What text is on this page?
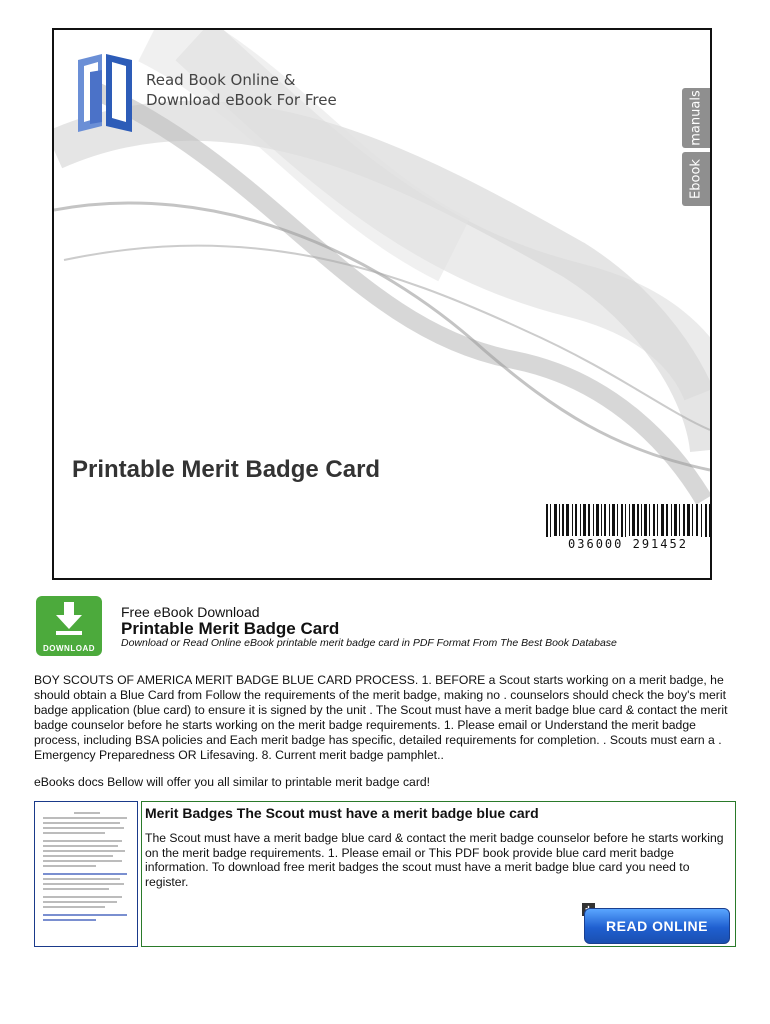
Read Book Online &
Download eBook For Free	manuals
Ebook
Printable Merit Badge Card
036000 291452
DOWNLOAD
Free eBook Download
Printable Merit Badge Card
Download or Read Online eBook printable merit badge card in PDF Format From The Best Book Database
BOY SCOUTS OF AMERICA MERIT BADGE BLUE CARD PROCESS. 1. BEFORE a Scout starts working on a merit badge, he should obtain a Blue Card from Follow the requirements of the merit badge, making no . counselors should check the boy's merit badge application (blue card) to ensure it is signed by the unit . The Scout must have a merit badge blue card & contact the merit badge counselor before he starts working on the merit badge requirements. 1. Please email or Understand the merit badge process, including BSA policies and Each merit badge has specific, detailed requirements for completion. . Scouts must earn a . Emergency Preparedness OR Lifesaving. 8. Current merit badge pamphlet..
eBooks docs Bellow will offer you all similar to printable merit badge card!
Merit Badges The Scout must have a merit badge blue card
The Scout must have a merit badge blue card & contact the merit badge counselor before he starts working on the merit badge requirements. 1. Please email or This PDF book provide blue card merit badge information. To download free merit badges the scout must have a merit badge blue card you need to register.
READ ONLINE
